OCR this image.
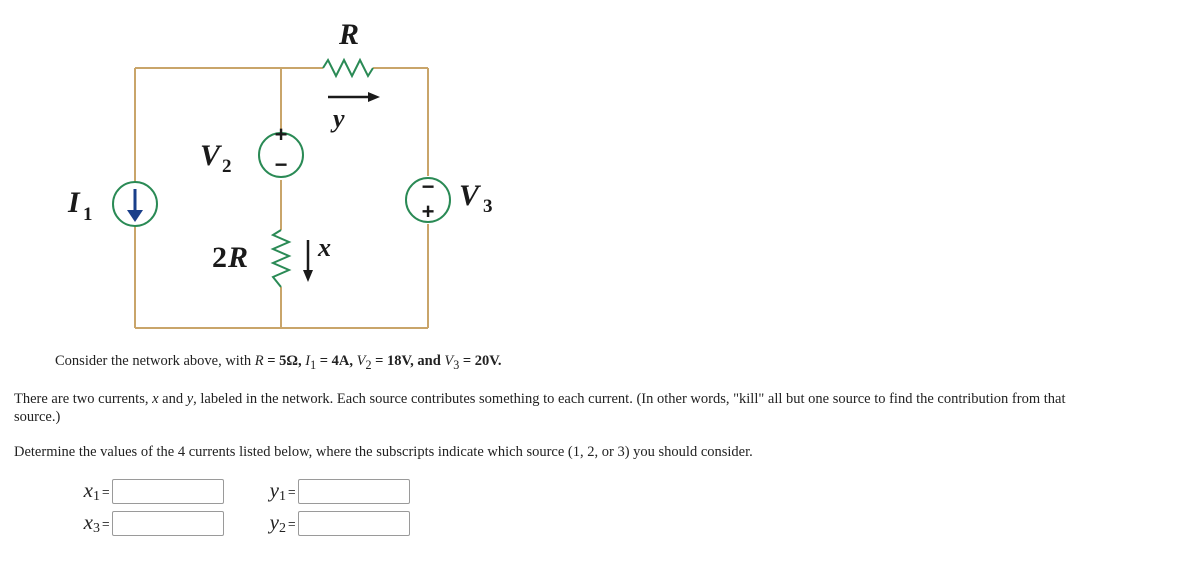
R
y
V 2
I 1
V 3
2 R	x
+
−
−
+
Consider the network above, with R = 5Ω, $I_1 = 4A$, $V_2 = 18V$, and $V_3 = 20V$.
There are two currents, x and y, labeled in the network. Each source contributes something to each current. (In other words, "kill" all but one source to find the contribution from that
source.)
Determine the values of the 4 currents listed below, where the subscripts indicate which source (1, 2, or 3) you should consider.
$x_1$ =	$y_1$ =
$x_3$ =	$y_2$ =
